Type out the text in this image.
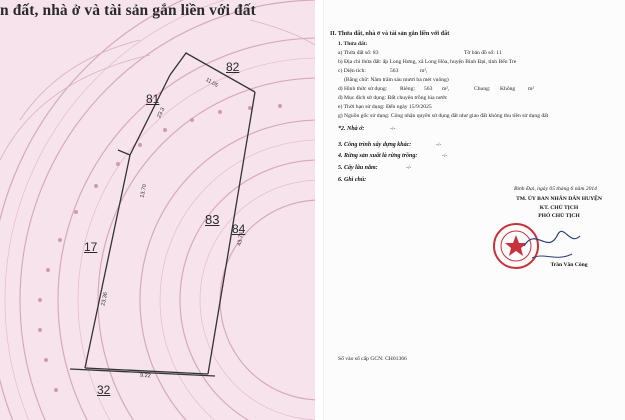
n đất, nhà ở và tài sản gắn liền với đất
83
82
81
17
84
32
11.05
23.3
13.70
23.36
43.74
9.22
II. Thửa đất, nhà ở và tài sản gắn liền với đất
1. Thửa đất:
a) Thửa đất số: 83	Tờ bản đồ số: 11
b) Địa chỉ thửa đất: ấp Long Hưng, xã Long Hòa, huyện Bình Đại, tỉnh Bến Tre
c) Diện tích:	563	m²,
(Bằng chữ: Năm trăm sáu mươi ba mét vuông)
d) Hình thức sử dụng: Riêng: 563 m²,	Chung: Không m²
đ) Mục đích sử dụng: Đất chuyên trồng lúa nước
e) Thời hạn sử dụng: Đến ngày 15/9/2025
g) Nguồn gốc sử dụng: Công nhận quyền sử dụng đất như giao đất không thu tiền sử dụng đất
*2. Nhà ở:	-/-
3. Công trình xây dựng khác:	-/-
4. Rừng sản xuất là rừng trồng:	-/-
5. Cây lâu năm:	-/-
6. Ghi chú:
Bình Đại, ngày 05 tháng 6 năm 2014
TM. ỦY BAN NHÂN DÂN HUYỆN
KT. CHỦ TỊCH
PHÓ CHỦ TỊCH
Trần Văn Công
Số vào sổ cấp GCN: CH01366
